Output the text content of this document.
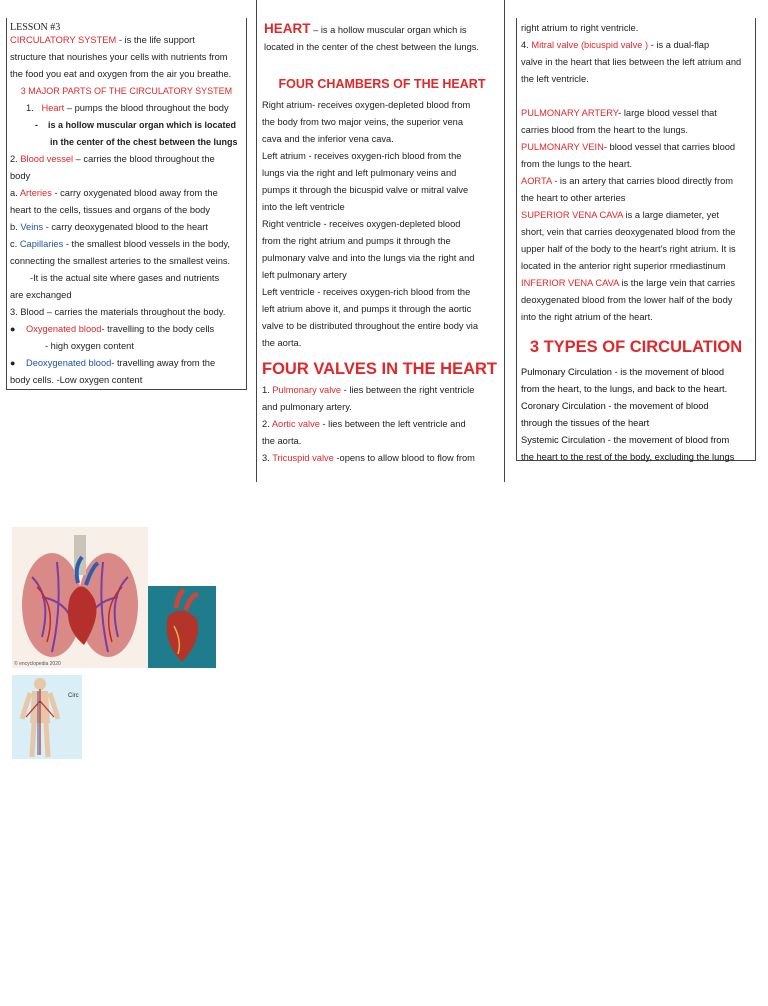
LESSON #3

CIRCULATORY SYSTEM - is the life support

structure that nourishes your cells with nutrients from

the food you eat and oxygen from the air you breathe.

3 MAJOR PARTS OF THE CIRCULATORY SYSTEM

1. Heart – pumps the blood throughout the body

- is a hollow muscular organ which is located

in the center of the chest between the lungs

2. Blood vessel – carries the blood throughout the

body

a. Arteries - carry oxygenated blood away from the

heart to the cells, tissues and organs of the body

b. Veins - carry deoxygenated blood to the heart

c. Capillaries - the smallest blood vessels in the body,

connecting the smallest arteries to the smallest veins.

-It is the actual site where gases and nutrients

are exchanged

3. Blood – carries the materials throughout the body.

●	Oxygenated blood- travelling to the body cells

- high oxygen content

●	Deoxygenated blood- travelling away from the

body cells. -Low oxygen content

HEART – is a hollow muscular organ which is

located in the center of the chest between the lungs.

FOUR CHAMBERS OF THE HEART

Right atrium- receives oxygen-depleted blood from

the body from two major veins, the superior vena

cava and the inferior vena cava.

Left atrium - receives oxygen-rich blood from the

lungs via the right and left pulmonary veins and

pumps it through the bicuspid valve or mitral valve

into the left ventricle

Right ventricle - receives oxygen-depleted blood

from the right atrium and pumps it through the

pulmonary valve and into the lungs via the right and

left pulmonary artery

Left ventricle - receives oxygen-rich blood from the

left atrium above it, and pumps it through the aortic

valve to be distributed throughout the entire body via

the aorta.

FOUR VALVES IN THE HEART

1. Pulmonary valve - lies between the right ventricle

and pulmonary artery.

2. Aortic valve - lies between the left ventricle and

the aorta.

3. Tricuspid valve -opens to allow blood to flow from

right atrium to right ventricle.

4. Mitral valve (bicuspid valve ) - is a dual-flap

valve in the heart that lies between the left atrium and

the left ventricle.

PULMONARY ARTERY- large blood vessel that

carries blood from the heart to the lungs.

PULMONARY VEIN- blood vessel that carries blood

from the lungs to the heart.

AORTA - is an artery that carries blood directly from

the heart to other arteries

SUPERIOR VENA CAVA is a large diameter, yet

short, vein that carries deoxygenated blood from the

upper half of the body to the heart's right atrium. It is

located in the anterior right superior rmediastinum

INFERIOR VENA CAVA is the large vein that carries

deoxygenated blood from the lower half of the body

into the right atrium of the heart.

3 TYPES OF CIRCULATION

Pulmonary Circulation - is the movement of blood

from the heart, to the lungs, and back to the heart.

Coronary Circulation - the movement of blood

through the tissues of the heart

Systemic Circulation - the movement of blood from

the heart to the rest of the body, excluding the lungs

© encyclopedia 2020
Circ
